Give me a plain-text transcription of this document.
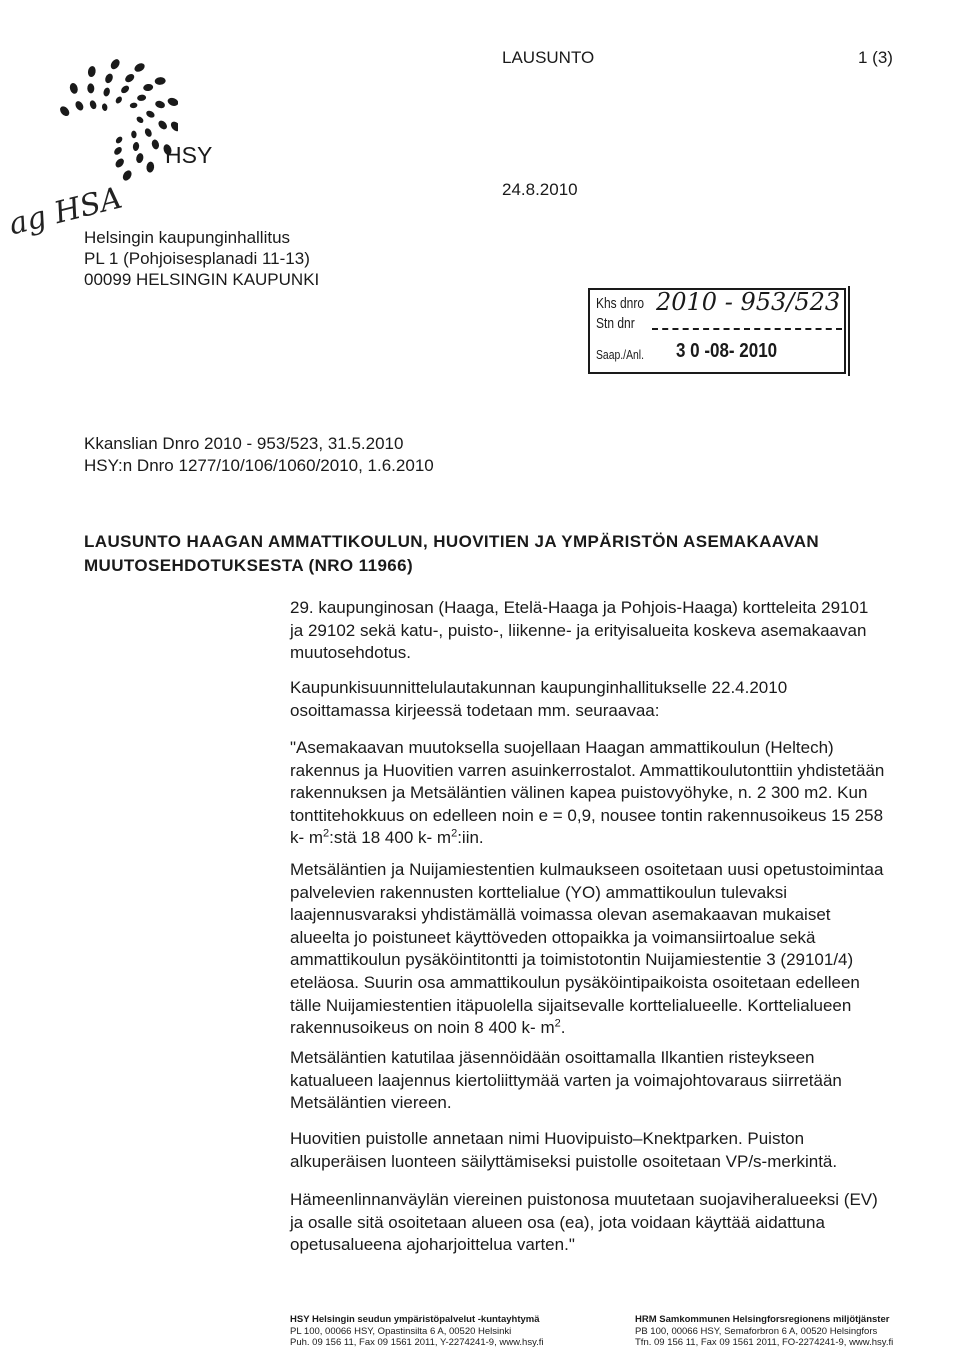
HSY
ag HSA
LAUSUNTO	1 (3)
24.8.2010
Helsingin kaupunginhallitus
PL 1 (Pohjoisesplanadi 11-13)
00099 HELSINGIN KAUPUNKI
Khs dnro 2010 - 953/523
Stn dnr
Saap./Anl. 3 0 -08- 2010
Kkanslian Dnro 2010 - 953/523, 31.5.2010
HSY:n Dnro 1277/10/106/1060/2010, 1.6.2010
LAUSUNTO HAAGAN AMMATTIKOULUN, HUOVITIEN JA YMPÄRISTÖN ASEMAKAAVAN
MUUTOSEHDOTUKSESTA (NRO 11966)
29. kaupunginosan (Haaga, Etelä-Haaga ja Pohjois-Haaga) kortteleita 29101
ja 29102 sekä katu-, puisto-, liikenne- ja erityisalueita koskeva asemakaavan
muutosehdotus.
Kaupunkisuunnittelulautakunnan kaupunginhallitukselle 22.4.2010
osoittamassa kirjeessä todetaan mm. seuraavaa:
"Asemakaavan muutoksella suojellaan Haagan ammattikoulun (Heltech)
rakennus ja Huovitien varren asuinkerrostalot. Ammattikoulutonttiin yhdistetään
rakennuksen ja Metsäläntien välinen kapea puistovyöhyke, n. 2 300 m2. Kun
tonttitehokkuus on edelleen noin e = 0,9, nousee tontin rakennusoikeus 15 258
k- $m^2:stä$ 18 400 k- $m^2:iin$.
Metsäläntien ja Nuijamiestentien kulmaukseen osoitetaan uusi opetustoimintaa
palvelevien rakennusten korttelialue (YO) ammattikoulun tulevaksi
laajennusvaraksi yhdistämällä voimassa olevan asemakaavan mukaiset
alueelta jo poistuneet käyttöveden ottopaikka ja voimansiirtoalue sekä
ammattikoulun pysäköintitontti ja toimistotontin Nuijamiestentie 3 (29101/4)
eteläosa. Suurin osa ammattikoulun pysäköintipaikoista osoitetaan edelleen
tälle Nuijamiestentien itäpuolella sijaitsevalle korttelialueelle. Korttelialueen
rakennusoikeus on noin 8 400 k- $m^2$.
Metsäläntien katutilaa jäsennöidään osoittamalla Ilkantien risteykseen
katualueen laajennus kiertoliittymää varten ja voimajohtovaraus siirretään
Metsäläntien viereen.
Huovitien puistolle annetaan nimi Huovipuisto–Knektparken. Puiston
alkuperäisen luonteen säilyttämiseksi puistolle osoitetaan VP/s-merkintä.
Hämeenlinnanväylän viereinen puistonosa muutetaan suojaviheralueeksi (EV)
ja osalle sitä osoitetaan alueen osa (ea), jota voidaan käyttää aidattuna
opetusalueena ajoharjoittelua varten."
HSY Helsingin seudun ympäristöpalvelut -kuntayhtymä
PL 100, 00066 HSY, Opastinsilta 6 A, 00520 Helsinki
Puh. 09 156 11, Fax 09 1561 2011, Y-2274241-9, www.hsy.fi
HRM Samkommunen Helsingforsregionens miljötjänster
PB 100, 00066 HSY, Semaforbron 6 A, 00520 Helsingfors
Tfn. 09 156 11, Fax 09 1561 2011, FO-2274241-9, www.hsy.fi
